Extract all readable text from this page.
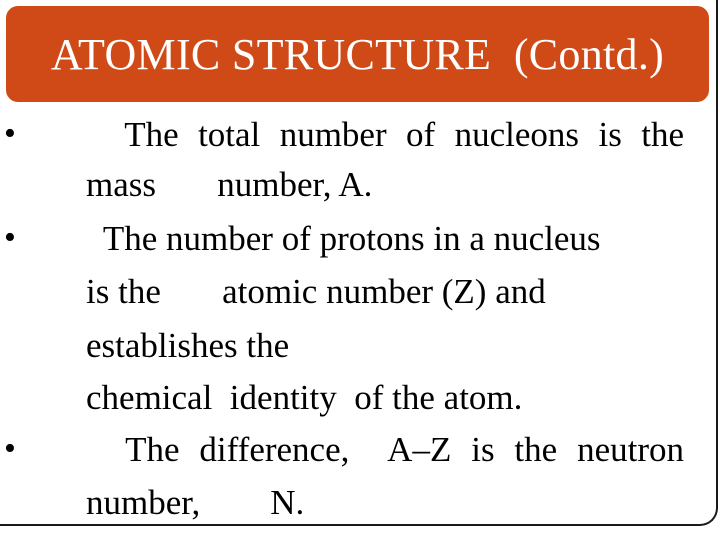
ATOMIC STRUCTURE  (Contd.)
• The total number of nucleons is the
mass       number, A.
• The number of protons in a nucleus
is the       atomic number (Z) and
establishes the
chemical  identity  of the atom.
• The difference,  A–Z is the neutron
number,        N.
